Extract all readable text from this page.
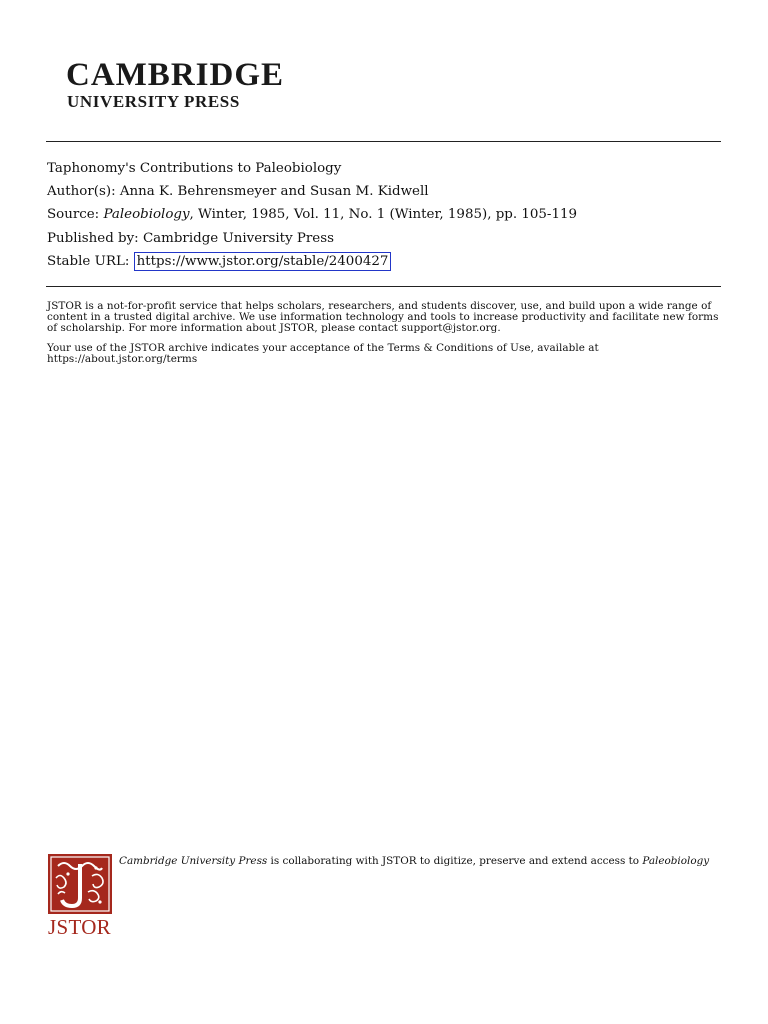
CAMBRIDGE
UNIVERSITY PRESS
Taphonomy's Contributions to Paleobiology
Author(s): Anna K. Behrensmeyer and Susan M. Kidwell
Source: Paleobiology, Winter, 1985, Vol. 11, No. 1 (Winter, 1985), pp. 105-119
Published by: Cambridge University Press
Stable URL: https://www.jstor.org/stable/2400427
JSTOR is a not-for-profit service that helps scholars, researchers, and students discover, use, and build upon a wide range of content in a trusted digital archive. We use information technology and tools to increase productivity and facilitate new forms of scholarship. For more information about JSTOR, please contact support@jstor.org.
Your use of the JSTOR archive indicates your acceptance of the Terms & Conditions of Use, available at https://about.jstor.org/terms
JSTOR
Cambridge University Press is collaborating with JSTOR to digitize, preserve and extend access to Paleobiology
